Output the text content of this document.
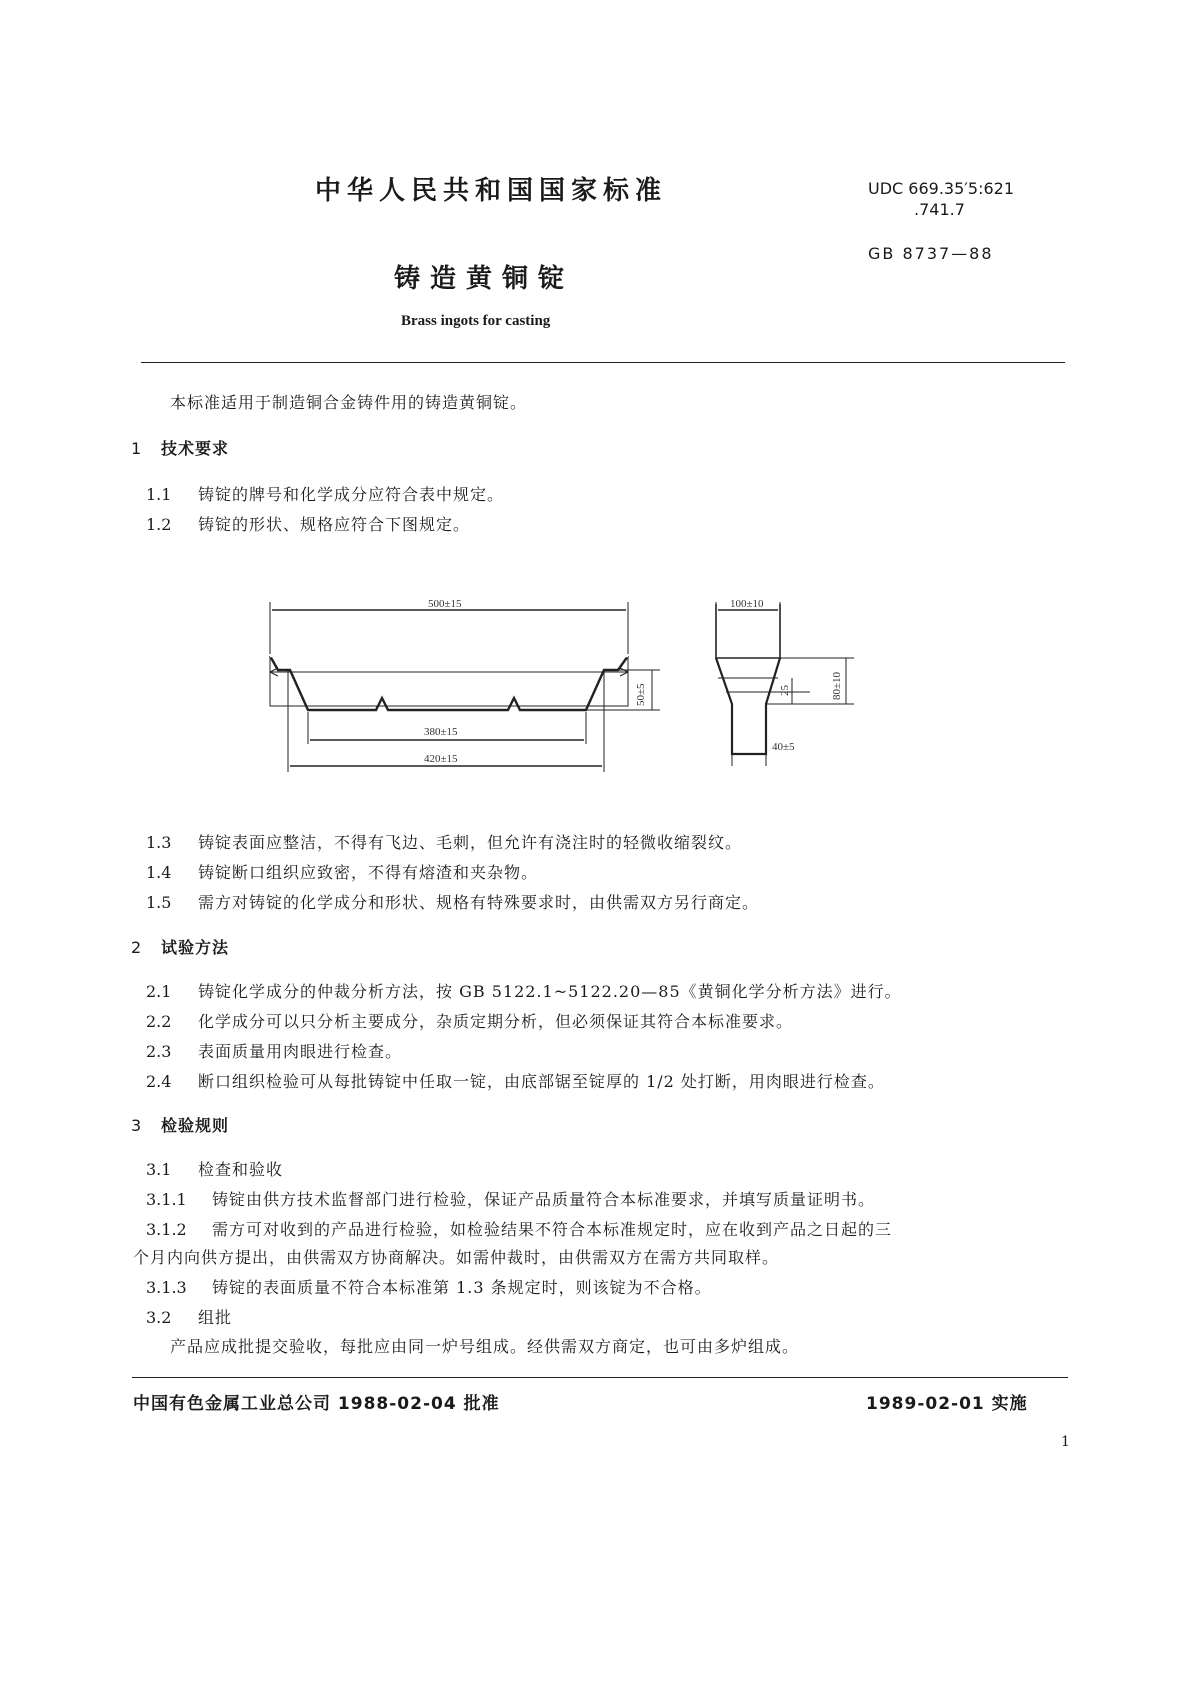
中华人民共和国国家标准	UDC 669.35′5:621
.741.7
GB 8737—88
铸造黄铜锭
Brass ingots for casting
本标准适用于制造铜合金铸件用的铸造黄铜锭。
1 技术要求
1.1 铸锭的牌号和化学成分应符合表中规定。
1.2 铸锭的形状、规格应符合下图规定。
500±15
380±15
420±15
50±5
100±10
80±10
25
40±5
1.3 铸锭表面应整洁，不得有飞边、毛刺，但允许有浇注时的轻微收缩裂纹。
1.4 铸锭断口组织应致密，不得有熔渣和夹杂物。
1.5 需方对铸锭的化学成分和形状、规格有特殊要求时，由供需双方另行商定。
2 试验方法
2.1 铸锭化学成分的仲裁分析方法，按 GB 5122.1~5122.20—85《黄铜化学分析方法》进行。
2.2 化学成分可以只分析主要成分，杂质定期分析，但必须保证其符合本标准要求。
2.3 表面质量用肉眼进行检查。
2.4 断口组织检验可从每批铸锭中任取一锭，由底部锯至锭厚的 1/2 处打断，用肉眼进行检查。
3 检验规则
3.1 检查和验收
3.1.1 铸锭由供方技术监督部门进行检验，保证产品质量符合本标准要求，并填写质量证明书。
3.1.2 需方可对收到的产品进行检验，如检验结果不符合本标准规定时，应在收到产品之日起的三
个月内向供方提出，由供需双方协商解决。如需仲裁时，由供需双方在需方共同取样。
3.1.3 铸锭的表面质量不符合本标准第 1.3 条规定时，则该锭为不合格。
3.2 组批
产品应成批提交验收，每批应由同一炉号组成。经供需双方商定，也可由多炉组成。
中国有色金属工业总公司 1988-02-04 批准	1989-02-01 实施
1
